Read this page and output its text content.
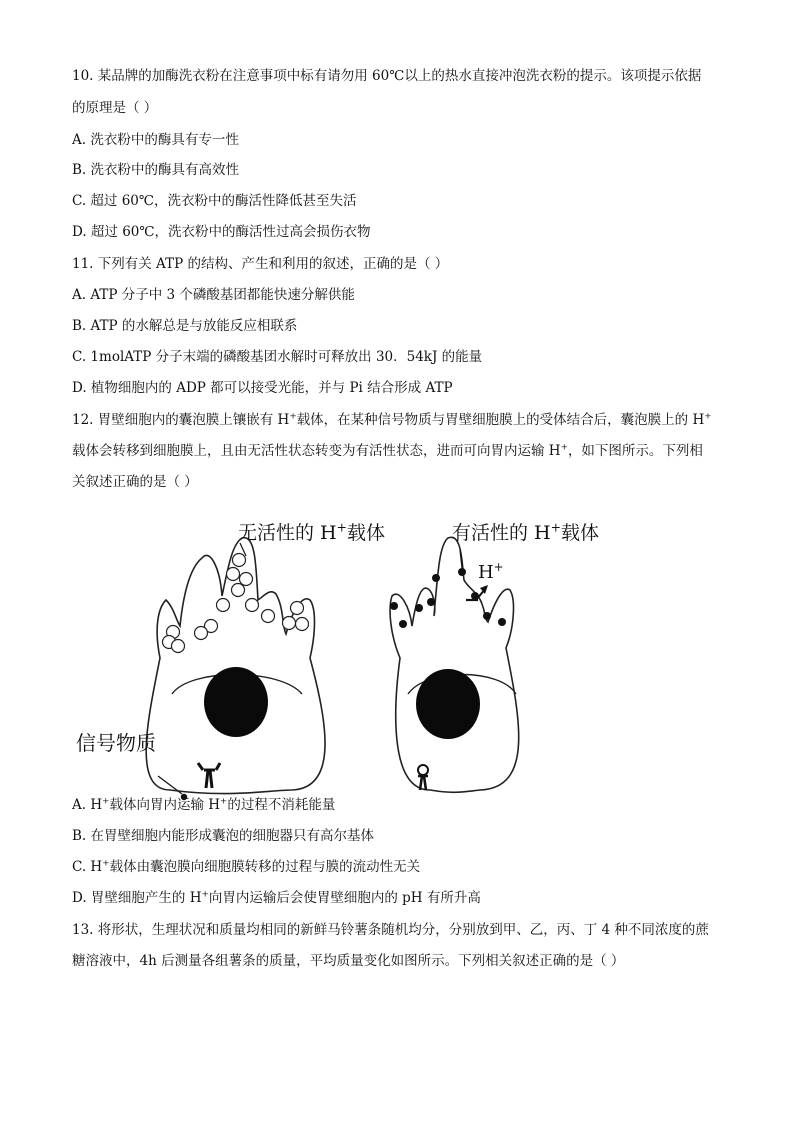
10. 某品牌的加酶洗衣粉在注意事项中标有请勿用 60℃以上的热水直接冲泡洗衣粉的提示。该项提示依据
的原理是（ ）
A. 洗衣粉中的酶具有专一性
B. 洗衣粉中的酶具有高效性
C. 超过 60℃，洗衣粉中的酶活性降低甚至失活
D. 超过 60℃，洗衣粉中的酶活性过高会损伤衣物
11. 下列有关 ATP 的结构、产生和利用的叙述，正确的是（ ）
A. ATP 分子中 3 个磷酸基团都能快速分解供能
B. ATP 的水解总是与放能反应相联系
C. 1molATP 分子末端的磷酸基团水解时可释放出 30．54kJ 的能量
D. 植物细胞内的 ADP 都可以接受光能，并与 Pi 结合形成 ATP
12. 胃壁细胞内的囊泡膜上镶嵌有 H+载体，在某种信号物质与胃壁细胞膜上的受体结合后，囊泡膜上的 H+
载体会转移到细胞膜上，且由无活性状态转变为有活性状态，进而可向胃内运输 H+，如下图所示。下列相
关叙述正确的是（ ）
无活性的 H+载体	有活性的 H+载体
H+
信号物质
A. H+载体向胃内运输 H+的过程不消耗能量
B. 在胃壁细胞内能形成囊泡的细胞器只有高尔基体
C. H+载体由囊泡膜向细胞膜转移的过程与膜的流动性无关
D. 胃壁细胞产生的 H+向胃内运输后会使胃壁细胞内的 pH 有所升高
13. 将形状，生理状况和质量均相同的新鲜马铃薯条随机均分，分别放到甲、乙，丙、丁 4 种不同浓度的蔗
糖溶液中，4h 后测量各组薯条的质量，平均质量变化如图所示。下列相关叙述正确的是（ ）
